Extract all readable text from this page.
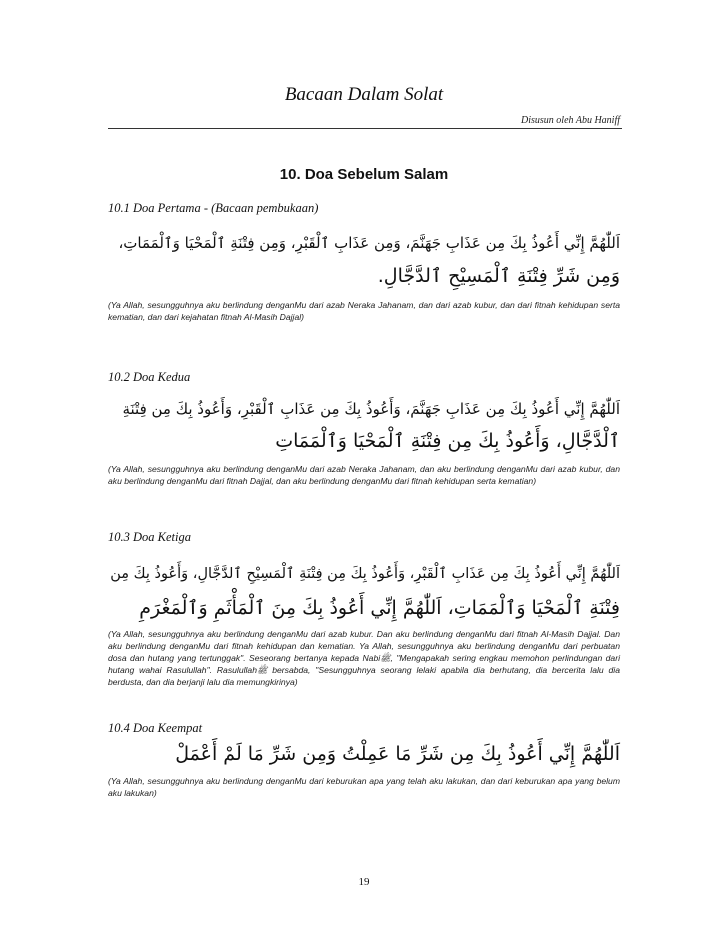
Bacaan Dalam Solat
Disusun oleh Abu Haniff
10. Doa Sebelum Salam
10.1 Doa Pertama - (Bacaan pembukaan)
اَللّٰهُمَّ إِنِّي أَعُوذُ بِكَ مِن عَذَابِ جَهَنَّمَ، وَمِن عَذَابِ ٱلْقَبْرِ، وَمِن فِتْنَةِ ٱلْمَحْيَا وَٱلْمَمَاتِ،
وَمِن شَرِّ فِتْنَةِ ٱلْمَسِيْحِ ٱلدَّجَّالِ.

(Ya Allah, sesungguhnya aku berlindung denganMu dari azab Neraka Jahanam, dan dari azab kubur, dan dari fitnah kehidupan serta kematian, dan dari kejahatan fitnah Al-Masih Dajjal)

10.2 Doa Kedua
اَللّٰهُمَّ إِنِّي أَعُوذُ بِكَ مِن عَذَابِ جَهَنَّمَ، وَأَعُوذُ بِكَ مِن عَذَابِ ٱلْقَبْرِ، وَأَعُوذُ بِكَ مِن فِتْنَةِ
ٱلْدَّجَّالِ، وَأَعُوذُ بِكَ مِن فِتْنَةِ ٱلْمَحْيَا وَٱلْمَمَاتِ

(Ya Allah, sesungguhnya aku berlindung denganMu dari azab Neraka Jahanam, dan aku berlindung denganMu dari azab kubur, dan aku berlindung denganMu dari fitnah Dajjal, dan aku berlindung denganMu dari fitnah kehidupan serta kematian)

10.3 Doa Ketiga
اَللّٰهُمَّ إِنِّي أَعُوذُ بِكَ مِن عَذَابِ ٱلْقَبْرِ، وَأَعُوذُ بِكَ مِن فِتْنَةِ ٱلْمَسِيْحِ ٱلدَّجَّالِ، وَأَعُوذُ بِكَ مِن
فِتْنَةِ ٱلْمَحْيَا وَٱلْمَمَاتِ، اَللّٰهُمَّ إِنِّي أَعُوذُ بِكَ مِنَ ٱلْمَأْثَمِ وَٱلْمَغْرَمِ

(Ya Allah, sesungguhnya aku berlindung denganMu dari azab kubur. Dan aku berlindung denganMu dari fitnah Al-Masih Dajjal. Dan aku berlindung denganMu dari fitnah kehidupan dan kematian. Ya Allah, sesungguhnya aku berlindung denganMu dari perbuatan dosa dan hutang yang tertunggak". Seseorang bertanya kepada Nabiﷺ, "Mengapakah sering engkau memohon perlindungan dari hutang wahai Rasulullah". Rasulullahﷺ bersabda, "Sesungguhnya seorang lelaki apabila dia berhutang, dia bercerita lalu dia berdusta, dan dia berjanji lalu dia memungkirinya)

10.4 Doa Keempat
اَللّٰهُمَّ إِنِّي أَعُوذُ بِكَ مِن شَرِّ مَا عَمِلْتُ وَمِن شَرِّ مَا لَمْ أَعْمَلْ

(Ya Allah, sesungguhnya aku berlindung denganMu dari keburukan apa yang telah aku lakukan, dan dari keburukan apa yang belum aku lakukan)

19
